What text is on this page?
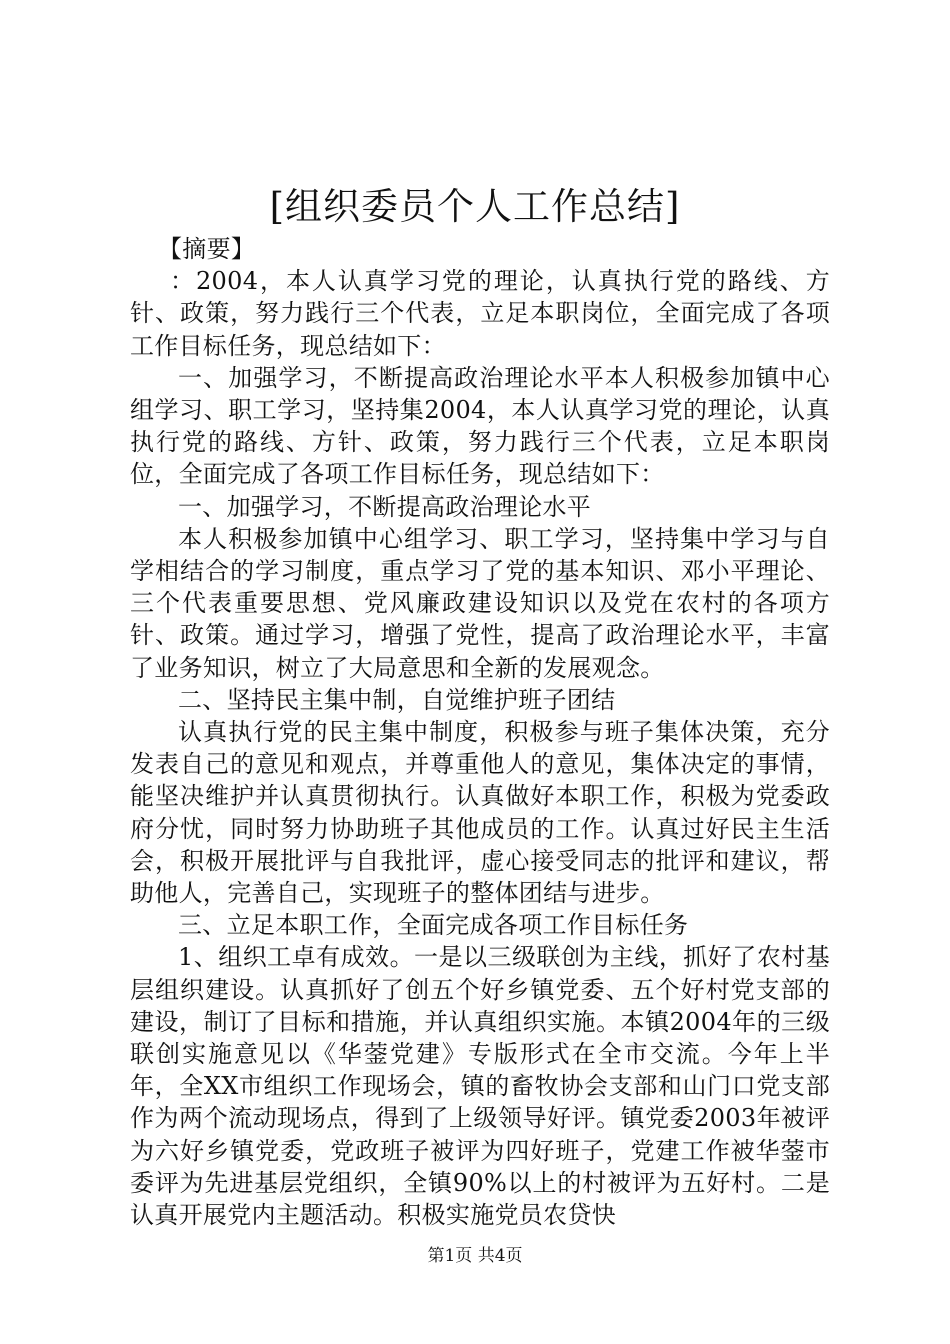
[组织委员个人工作总结]

【摘要】

：2004，本人认真学习党的理论，认真执行党的路线、方针、政策，努力践行三个代表，立足本职岗位，全面完成了各项工作目标任务，现总结如下：

一、加强学习，不断提高政治理论水平本人积极参加镇中心组学习、职工学习，坚持集2004，本人认真学习党的理论，认真执行党的路线、方针、政策，努力践行三个代表，立足本职岗位，全面完成了各项工作目标任务，现总结如下：

一、加强学习，不断提高政治理论水平

本人积极参加镇中心组学习、职工学习，坚持集中学习与自学相结合的学习制度，重点学习了党的基本知识、邓小平理论、三个代表重要思想、党风廉政建设知识以及党在农村的各项方针、政策。通过学习，增强了党性，提高了政治理论水平，丰富了业务知识，树立了大局意思和全新的发展观念。

二、坚持民主集中制，自觉维护班子团结

认真执行党的民主集中制度，积极参与班子集体决策，充分发表自己的意见和观点，并尊重他人的意见，集体决定的事情，能坚决维护并认真贯彻执行。认真做好本职工作，积极为党委政府分忧，同时努力协助班子其他成员的工作。认真过好民主生活会，积极开展批评与自我批评，虚心接受同志的批评和建议，帮助他人，完善自己，实现班子的整体团结与进步。

三、立足本职工作，全面完成各项工作目标任务

1、组织工卓有成效。一是以三级联创为主线，抓好了农村基层组织建设。认真抓好了创五个好乡镇党委、五个好村党支部的建设，制订了目标和措施，并认真组织实施。本镇2004年的三级联创实施意见以《华蓥党建》专版形式在全市交流。今年上半年，全XX市组织工作现场会，镇的畜牧协会支部和山门口党支部作为两个流动现场点，得到了上级领导好评。镇党委2003年被评为六好乡镇党委，党政班子被评为四好班子，党建工作被华蓥市委评为先进基层党组织，全镇90%以上的村被评为五好村。二是认真开展党内主题活动。积极实施党员农贷快

第1页 共4页
